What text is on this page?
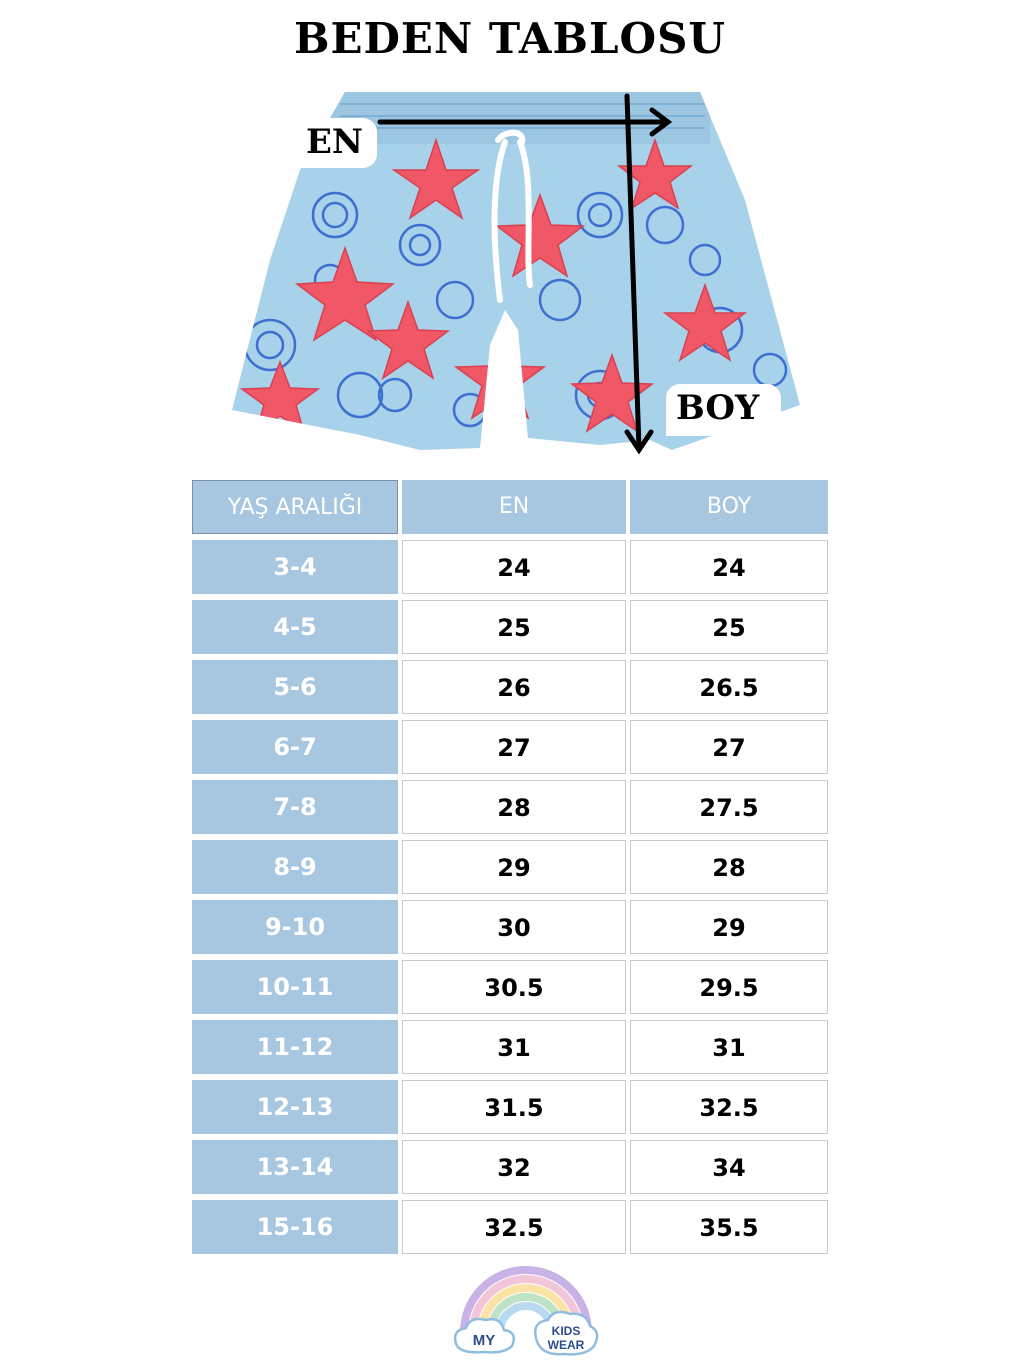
BEDEN TABLOSU
EN
BOY
YAŞ ARALIĞI	EN	BOY
3-4	24	24
4-5	25	25
5-6	26	26.5
6-7	27	27
7-8	28	27.5
8-9	29	28
9-10	30	29
10-11	30.5	29.5
11-12	31	31
12-13	31.5	32.5
13-14	32	34
15-16	32.5	35.5
MY
KIDS
WEAR
